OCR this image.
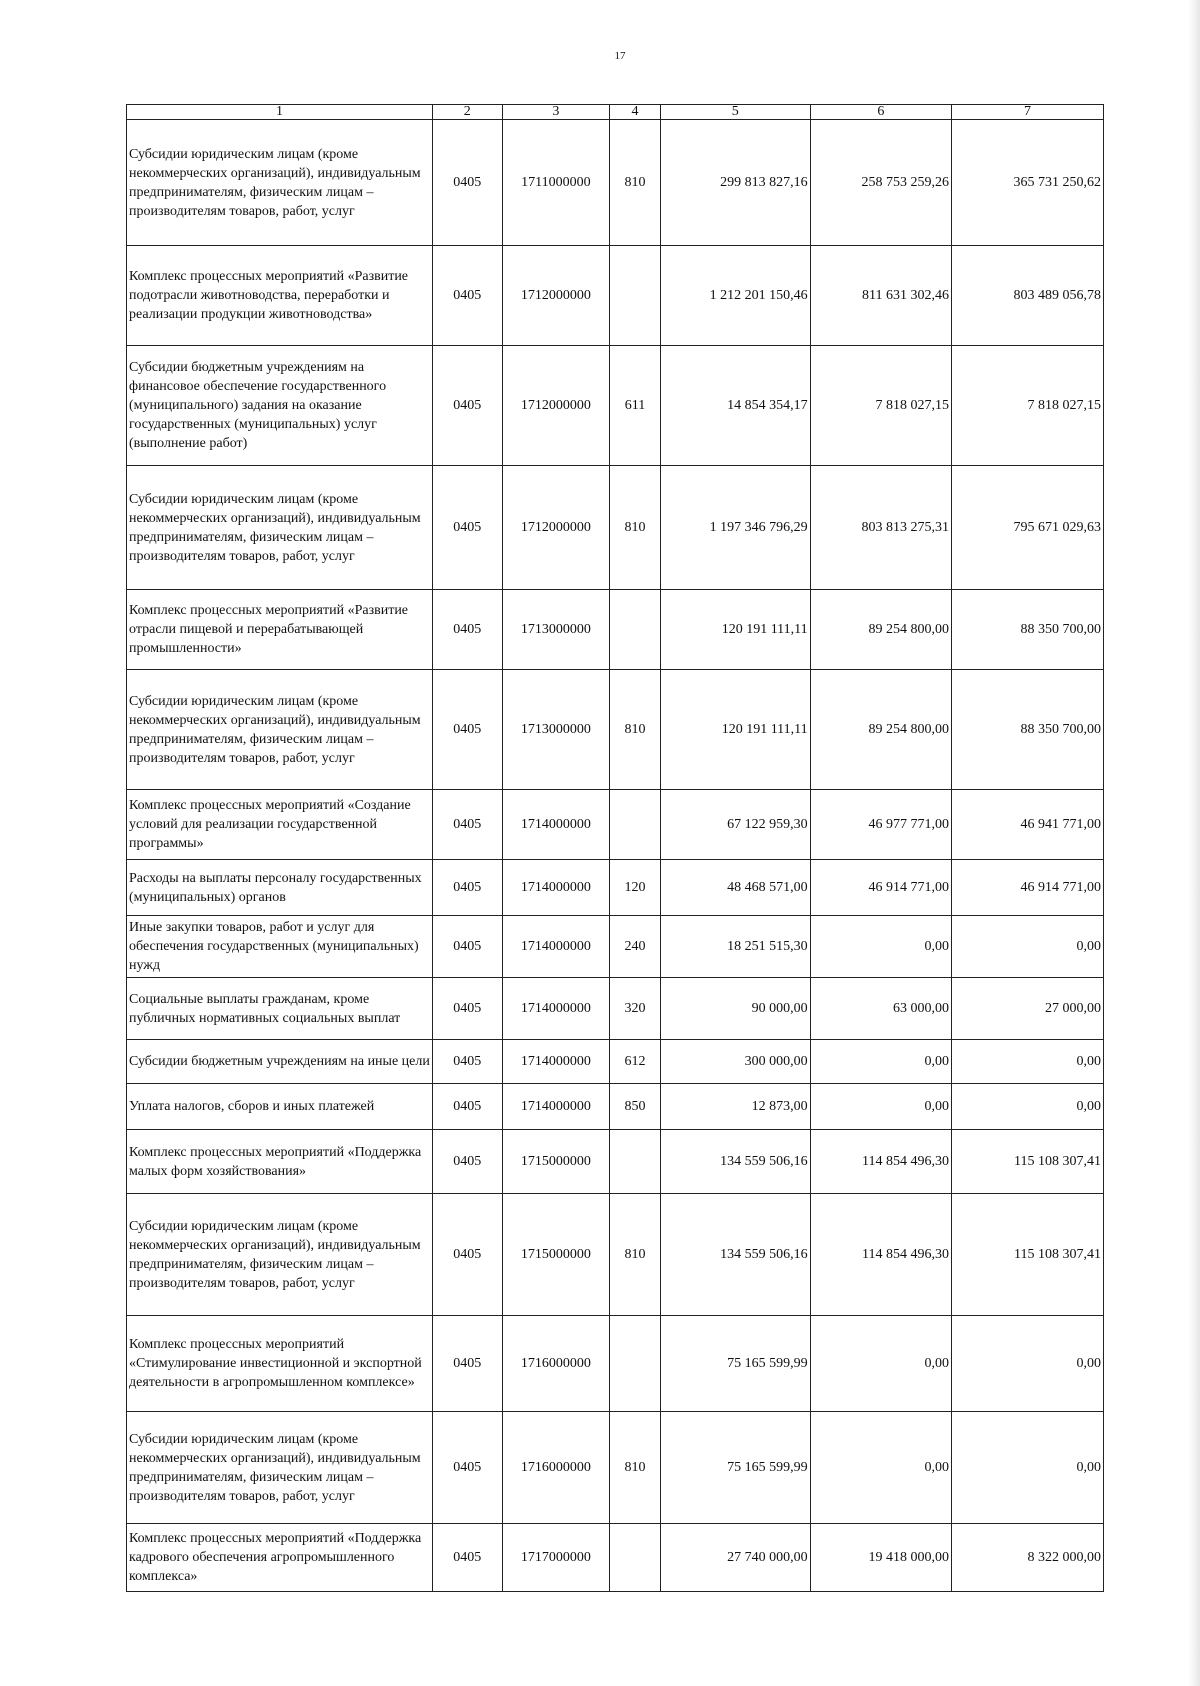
17
1	2	3	4	5	6	7
Субсидии юридическим лицам (кроме некоммерческих организаций), индивидуальным предпринимателям, физическим лицам – производителям товаров, работ, услуг	0405	1711000000	810	299 813 827,16	258 753 259,26	365 731 250,62
Комплекс процессных мероприятий «Развитие подотрасли животноводства, переработки и реализации продукции животноводства»	0405	1712000000		1 212 201 150,46	811 631 302,46	803 489 056,78
Субсидии бюджетным учреждениям на финансовое обеспечение государственного (муниципального) задания на оказание государственных (муниципальных) услуг (выполнение работ)	0405	1712000000	611	14 854 354,17	7 818 027,15	7 818 027,15
Субсидии юридическим лицам (кроме некоммерческих организаций), индивидуальным предпринимателям, физическим лицам – производителям товаров, работ, услуг	0405	1712000000	810	1 197 346 796,29	803 813 275,31	795 671 029,63
Комплекс процессных мероприятий «Развитие отрасли пищевой и перерабатывающей промышленности»	0405	1713000000		120 191 111,11	89 254 800,00	88 350 700,00
Субсидии юридическим лицам (кроме некоммерческих организаций), индивидуальным предпринимателям, физическим лицам – производителям товаров, работ, услуг	0405	1713000000	810	120 191 111,11	89 254 800,00	88 350 700,00
Комплекс процессных мероприятий «Создание условий для реализации государственной программы»	0405	1714000000		67 122 959,30	46 977 771,00	46 941 771,00
Расходы на выплаты персоналу государственных (муниципальных) органов	0405	1714000000	120	48 468 571,00	46 914 771,00	46 914 771,00
Иные закупки товаров, работ и услуг для обеспечения государственных (муниципальных) нужд	0405	1714000000	240	18 251 515,30	0,00	0,00
Социальные выплаты гражданам, кроме публичных нормативных социальных выплат	0405	1714000000	320	90 000,00	63 000,00	27 000,00
Субсидии бюджетным учреждениям на иные цели	0405	1714000000	612	300 000,00	0,00	0,00
Уплата налогов, сборов и иных платежей	0405	1714000000	850	12 873,00	0,00	0,00
Комплекс процессных мероприятий «Поддержка малых форм хозяйствования»	0405	1715000000		134 559 506,16	114 854 496,30	115 108 307,41
Субсидии юридическим лицам (кроме некоммерческих организаций), индивидуальным предпринимателям, физическим лицам – производителям товаров, работ, услуг	0405	1715000000	810	134 559 506,16	114 854 496,30	115 108 307,41
Комплекс процессных мероприятий «Стимулирование инвестиционной и экспортной деятельности в агропромышленном комплексе»	0405	1716000000		75 165 599,99	0,00	0,00
Субсидии юридическим лицам (кроме некоммерческих организаций), индивидуальным предпринимателям, физическим лицам – производителям товаров, работ, услуг	0405	1716000000	810	75 165 599,99	0,00	0,00
Комплекс процессных мероприятий «Поддержка кадрового обеспечения агропромышленного комплекса»	0405	1717000000		27 740 000,00	19 418 000,00	8 322 000,00
